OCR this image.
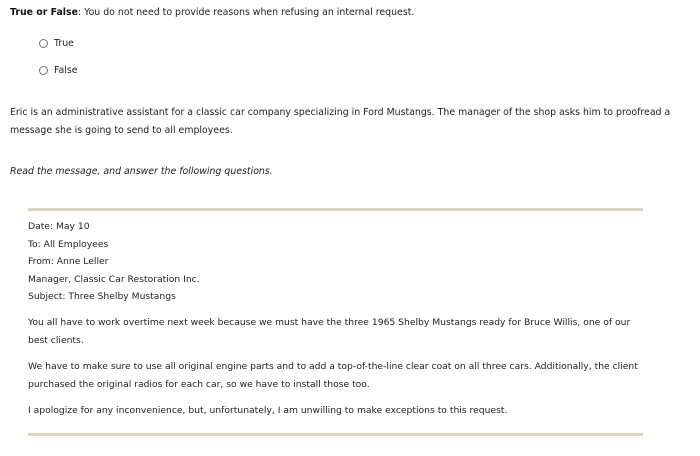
True or False: You do not need to provide reasons when refusing an internal request.
True
False
Eric is an administrative assistant for a classic car company specializing in Ford Mustangs. The manager of the shop asks him to proofread a message she is going to send to all employees.
Read the message, and answer the following questions.
Date: May 10
To: All Employees
From: Anne Leller
Manager, Classic Car Restoration Inc.
Subject: Three Shelby Mustangs
You all have to work overtime next week because we must have the three 1965 Shelby Mustangs ready for Bruce Willis, one of our best clients.
We have to make sure to use all original engine parts and to add a top-of-the-line clear coat on all three cars. Additionally, the client purchased the original radios for each car, so we have to install those too.
I apologize for any inconvenience, but, unfortunately, I am unwilling to make exceptions to this request.
